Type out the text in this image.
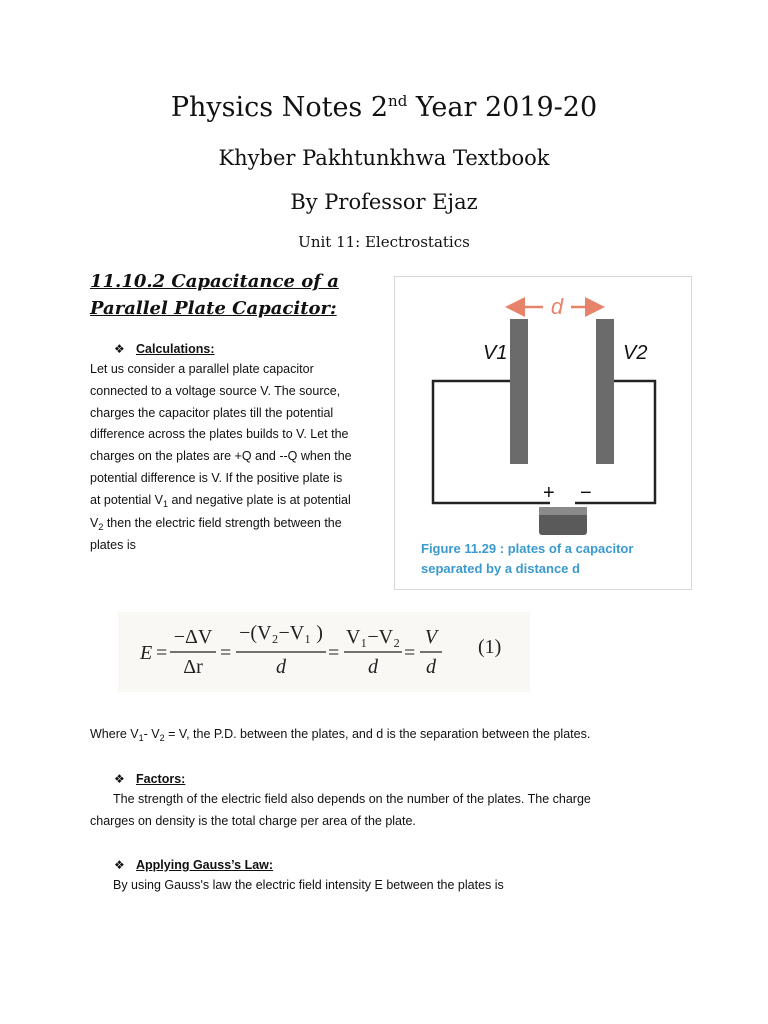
Physics Notes 2nd Year 2019-20
Khyber Pakhtunkhwa Textbook
By Professor Ejaz
Unit 11: Electrostatics
11.10.2 Capacitance of a
Parallel Plate Capacitor:
❖ Calculations:
Let us consider a parallel plate capacitor
connected to a voltage source V. The source,
charges the capacitor plates till the potential
difference across the plates builds to V. Let the
charges on the plates are +Q and --Q when the
potential difference is V. If the positive plate is
at potential $V_1$ and negative plate is at potential
$V_2$ then the electric field strength between the
plates is
d
V1	V2
+ −
Figure 11.29 : plates of a capacitor
separated by a distance d
E =
−ΔV
Δr
=
−(V₂−V₁ )
d
=
V₁−V₂
d
=
V
d
(1)
Where $V_1-$ $V_2 = V$, the P.D. between the plates, and d is the separation between the plates.
❖ Factors:
The strength of the electric field also depends on the number of the plates. The charge
charges on density is the total charge per area of the plate.
❖ Applying Gauss’s Law:
By using Gauss's law the electric field intensity E between the plates is
